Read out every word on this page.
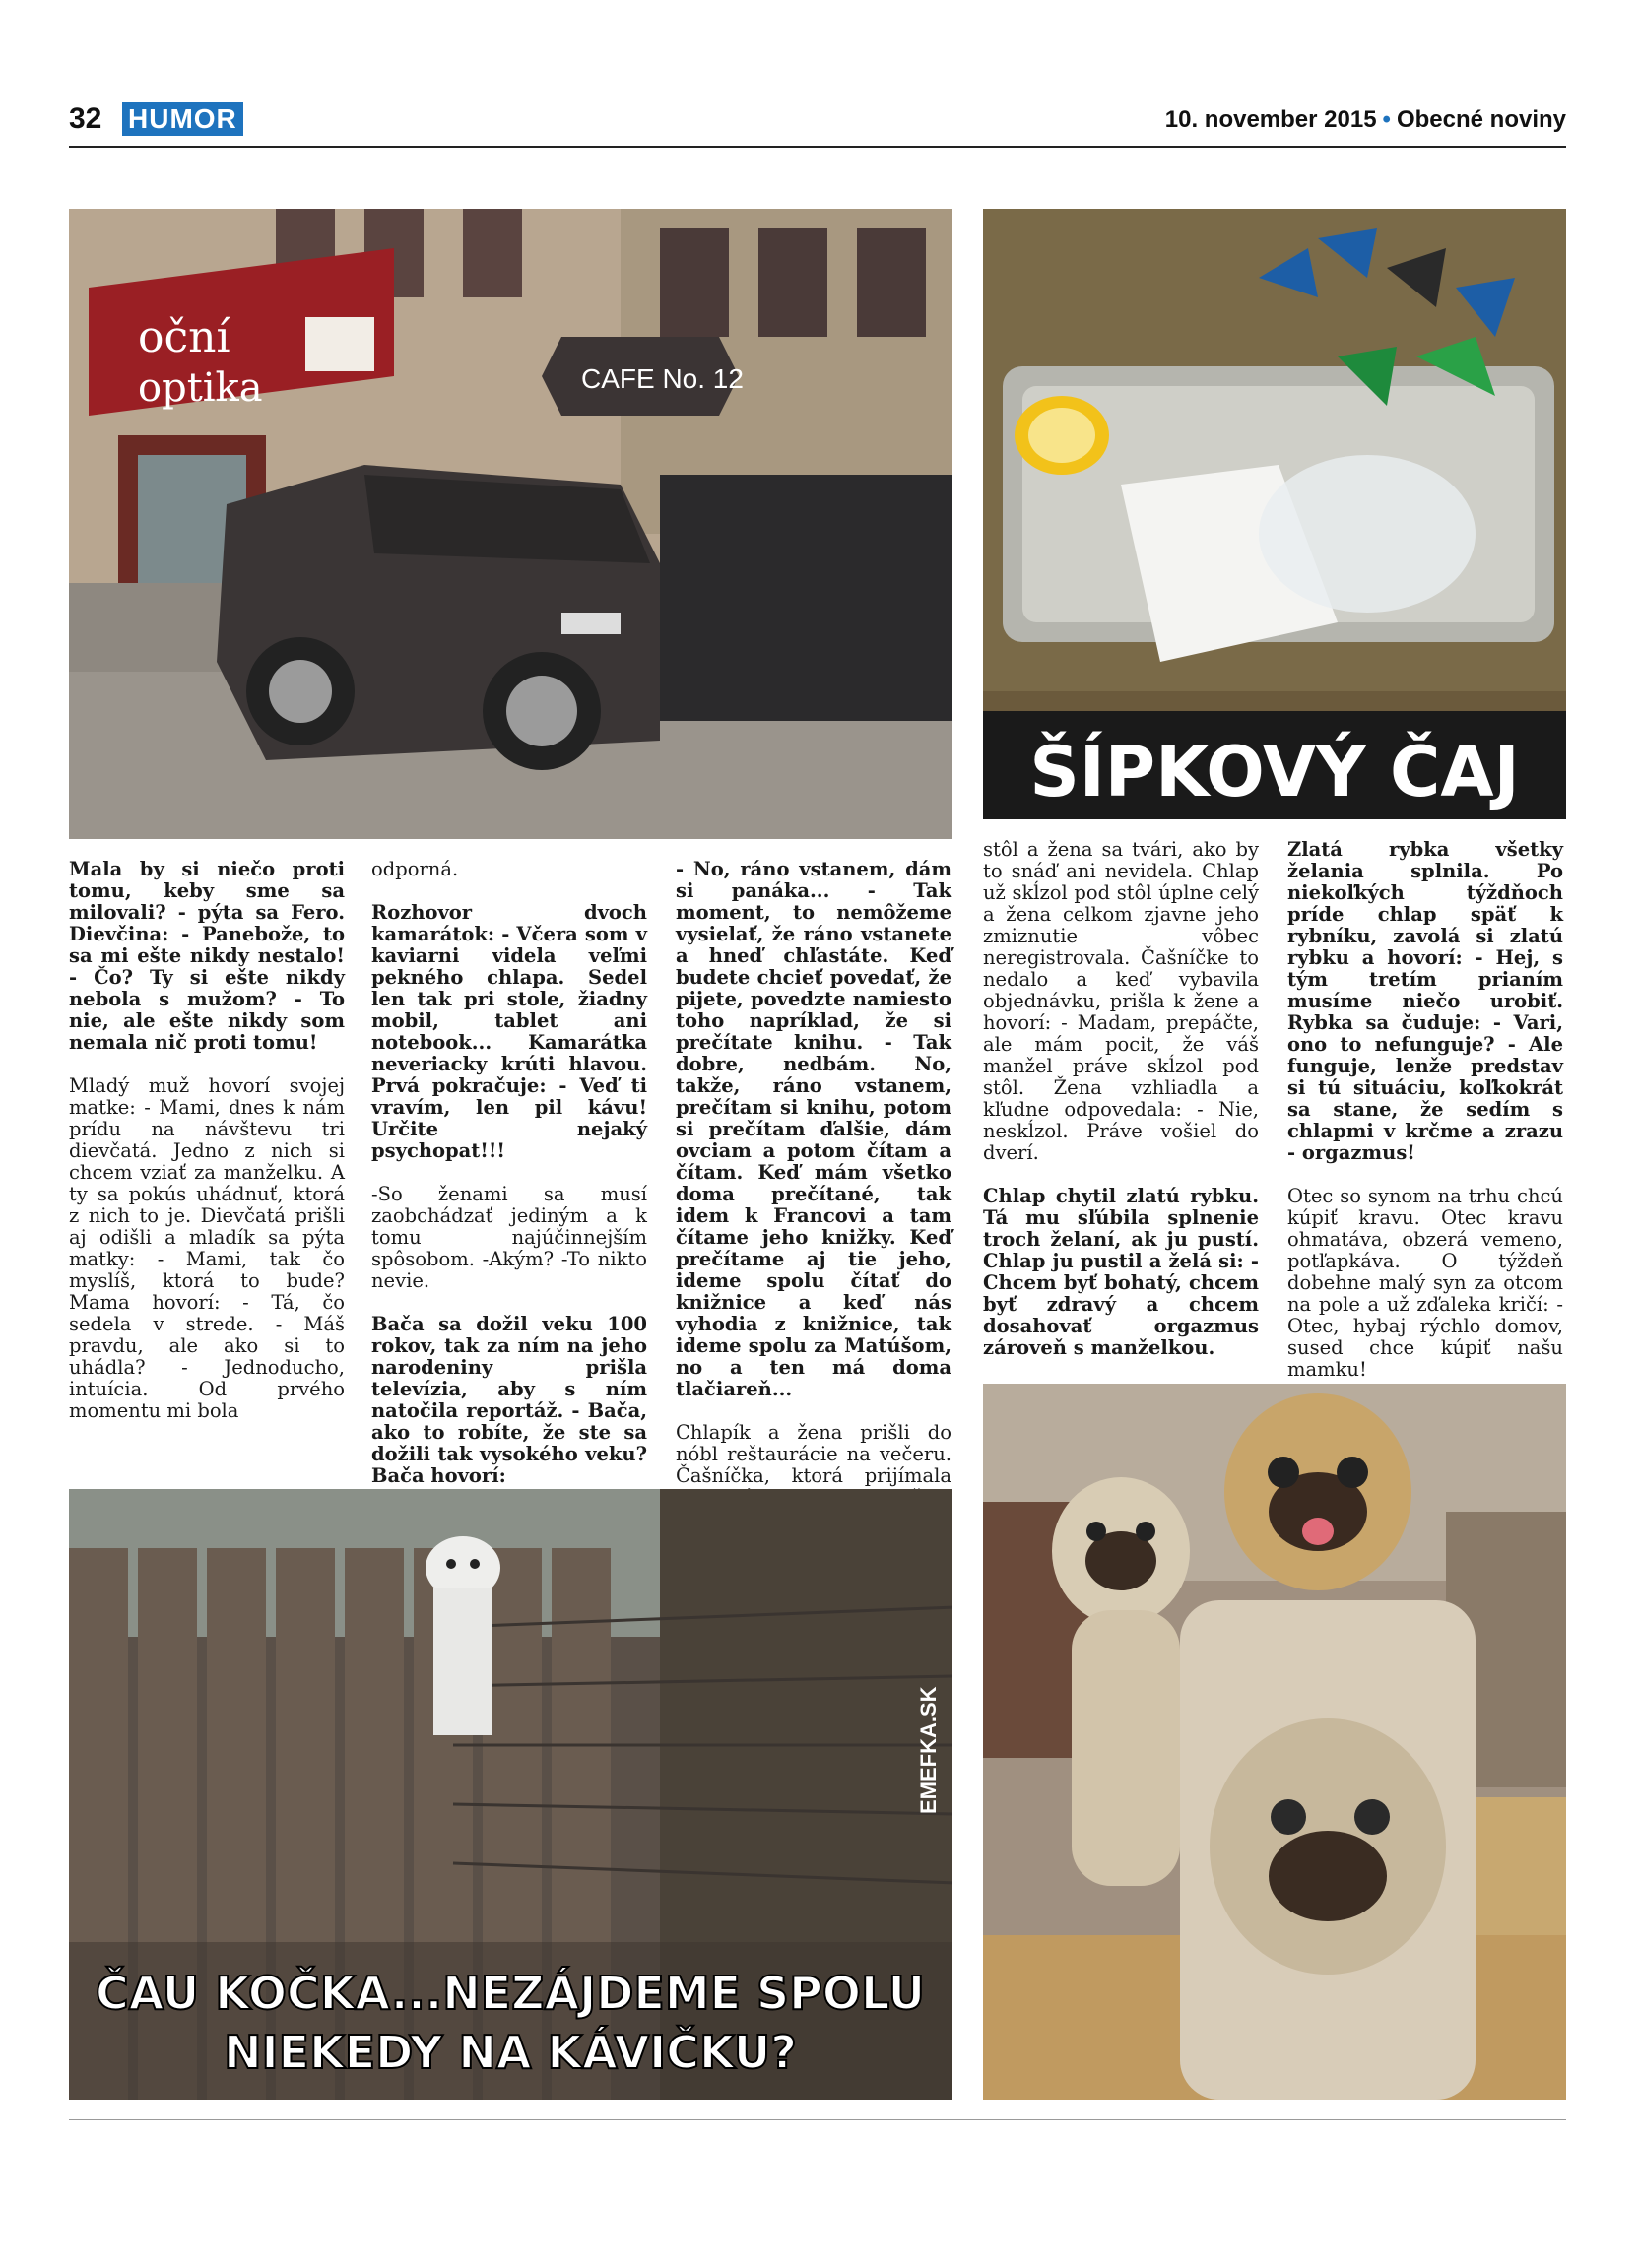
32 HUMOR	10. november 2015 • Obecné noviny
oční
optika	CAFE No. 12
ŠÍPKOVÝ ČAJ

Mala by si niečo proti tomu, keby sme sa milovali? - pýta sa Fero. Dievčina: - Panebože, to sa mi ešte nikdy nestalo! - Čo? Ty si ešte nikdy nebola s mužom? - To nie, ale ešte nikdy som nemala nič proti tomu!

Mladý muž hovorí svojej matke: - Mami, dnes k nám prídu na návštevu tri dievčatá. Jedno z nich si chcem vziať za manželku. A ty sa pokús uhádnuť, ktorá z nich to je. Dievčatá prišli aj odišli a mladík sa pýta matky: - Mami, tak čo myslíš, ktorá to bude? Mama hovorí: - Tá, čo sedela v strede. - Máš pravdu, ale ako si to uhádla? - Jednoducho, intuícia. Od prvého momentu mi bola

odporná.

Rozhovor dvoch kamarátok: - Včera som v kaviarni videla veľmi pekného chlapa. Sedel len tak pri stole, žiadny mobil, tablet ani notebook... Kamarátka neveriacky krúti hlavou. Prvá pokračuje: - Veď ti vravím, len pil kávu! Určite nejaký psychopat!!!

-So ženami sa musí zaobchádzať jediným a k tomu najúčinnejším spôsobom. -Akým? -To nikto nevie.

Bača sa dožil veku 100 rokov, tak za ním na jeho narodeniny prišla televízia, aby s ním natočila reportáž. - Bača, ako to robíte, že ste sa dožili tak vysokého veku? Bača hovorí:

- No, ráno vstanem, dám si panáka... - Tak moment, to nemôžeme vysielať, že ráno vstanete a hneď chľastáte. Keď budete chcieť povedať, že pijete, povedzte namiesto toho napríklad, že si prečítate knihu. - Tak dobre, nedbám. No, takže, ráno vstanem, prečítam si knihu, potom si prečítam ďalšie, dám ovciam a potom čítam a čítam. Keď mám všetko doma prečítané, tak idem k Francovi a tam čítame jeho knižky. Keď prečítame aj tie jeho, ideme spolu čítať do knižnice a keď nás vyhodia z knižnice, tak ideme spolu za Matúšom, no a ten má doma tlačiareň...

Chlapík a žena prišli do nóbl reštaurácie na večeru. Čašníčka, ktorá prijímala

stôl a žena sa tvári, ako by to snáď ani nevidela. Chlap už skĺzol pod stôl úplne celý a žena celkom zjavne jeho zmiznutie vôbec neregistrovala. Čašníčke to nedalo a keď vybavila objednávku, prišla k žene a hovorí: - Madam, prepáčte, ale mám pocit, že váš manžel práve skĺzol pod stôl. Žena vzhliadla a kľudne odpovedala: - Nie, neskĺzol. Práve vošiel do dverí.

Chlap chytil zlatú rybku. Tá mu sľúbila splnenie troch želaní, ak ju pustí. Chlap ju pustil a želá si: - Chcem byť bohatý, chcem byť zdravý a chcem dosahovať orgazmus zároveň s manželkou.

Zlatá rybka všetky želania splnila. Po niekoľkých týždňoch príde chlap späť k rybníku, zavolá si zlatú rybku a hovorí: - Hej, s tým tretím prianím musíme niečo urobiť. Rybka sa čuduje: - Vari, ono to nefunguje? - Ale funguje, lenže predstav si tú situáciu, koľkokrát sa stane, že sedím s chlapmi v krčme a zrazu - orgazmus!

Otec so synom na trhu chcú kúpiť kravu. Otec kravu ohmatáva, obzerá vemeno, potľapkáva. O týždeň dobehne malý syn za otcom na pole a už zďaleka kričí: - Otec, hybaj rýchlo domov, sused chce kúpiť našu mamku!

EMEFKA.SK
ČAU KOČKA...NEZÁJDEME SPOLU
NIEKEDY NA KÁVIČKU?
